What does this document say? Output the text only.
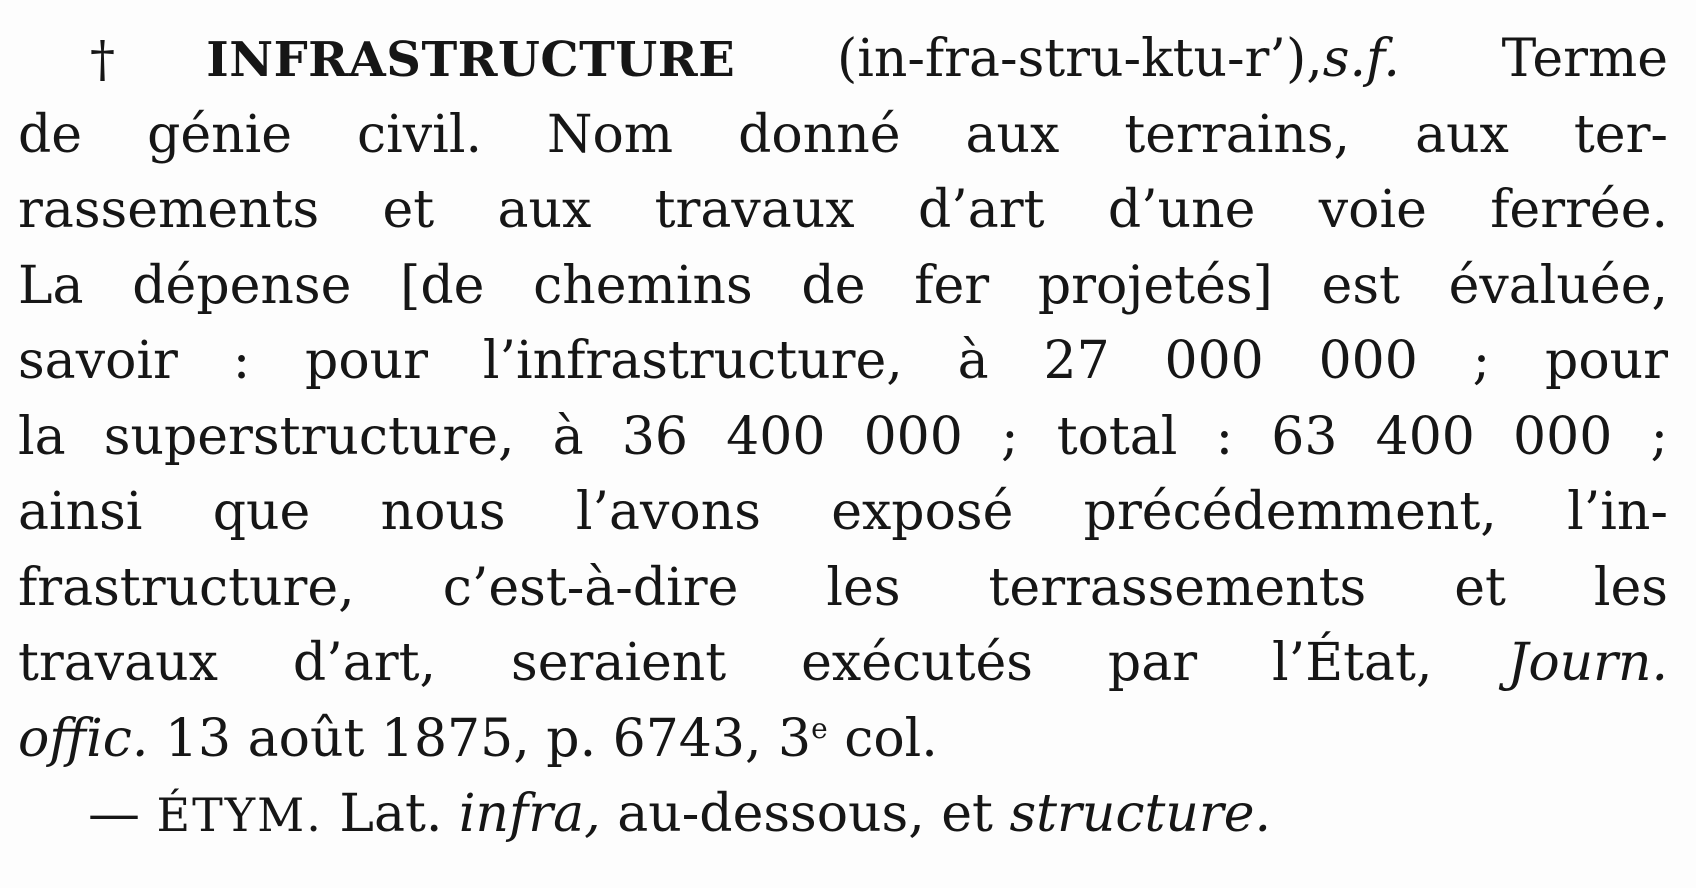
† INFRASTRUCTURE (in-fra-stru-ktu-r’),s.f. Terme
de génie civil. Nom donné aux terrains, aux ter-
rassements et aux travaux d’art d’une voie ferrée.
La dépense [de chemins de fer projetés] est évaluée,
savoir : pour l’infrastructure, à 27 000 000 ; pour
la superstructure, à 36 400 000 ; total : 63 400 000 ;
ainsi que nous l’avons exposé précédemment, l’in-
frastructure, c’est-à-dire les terrassements et les
travaux d’art, seraient exécutés par l’État, Journ.
offic. 13 août 1875, p. 6743, 3e col.
— ÉTYM. Lat. infra, au-dessous, et structure.
